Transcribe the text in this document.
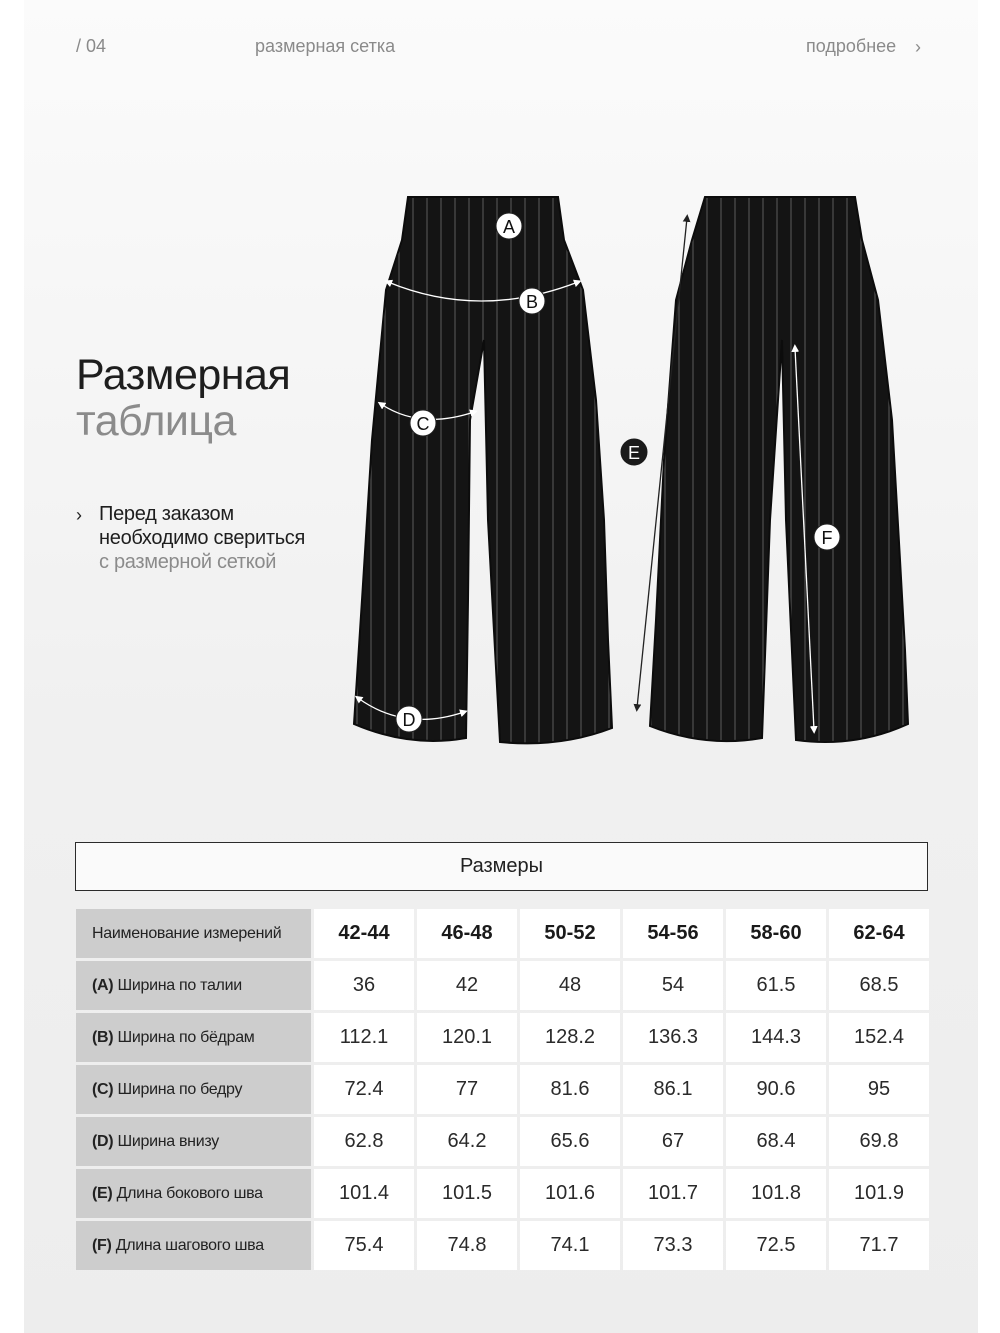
/ 04	размерная сетка	подробнее ›
Размерная
таблица
› Перед заказом
необходимо свериться
с размерной сеткой
A
B
C
D
E
F
Размеры
Наименование измерений	42-44	46-48	50-52	54-56	58-60	62-64
(A) Ширина по талии	36	42	48	54	61.5	68.5
(B) Ширина по бёдрам	112.1	120.1	128.2	136.3	144.3	152.4
(C) Ширина по бедру	72.4	77	81.6	86.1	90.6	95
(D) Ширина внизу	62.8	64.2	65.6	67	68.4	69.8
(E) Длина бокового шва	101.4	101.5	101.6	101.7	101.8	101.9
(F) Длина шагового шва	75.4	74.8	74.1	73.3	72.5	71.7
